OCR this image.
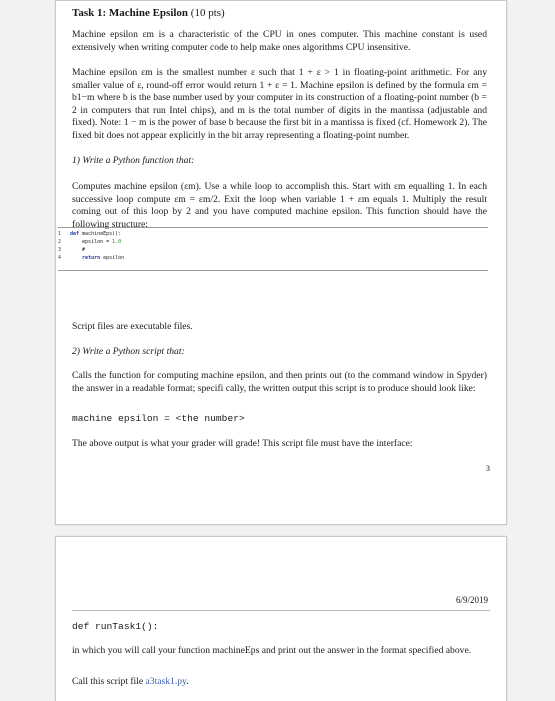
Task 1: Machine Epsilon (10 pts)
Machine epsilon εm is a characteristic of the CPU in ones computer. This machine constant is used extensively when writing computer code to help make ones algorithms CPU insensitive.
Machine epsilon εm is the smallest number ε such that 1 + ε > 1 in floating-point arithmetic. For any smaller value of ε, round-off error would return 1 + ε = 1. Machine epsilon is defined by the formula εm = b1−m where b is the base number used by your computer in its construction of a floating-point number (b = 2 in computers that run Intel chips), and m is the total number of digits in the mantissa (adjustable and fixed). Note: 1 − m is the power of base b because the first bit in a mantissa is fixed (cf. Homework 2). The fixed bit does not appear explicitly in the bit array representing a floating-point number.
1) Write a Python function that:
Computes machine epsilon (εm). Use a while loop to accomplish this. Start with εm equalling 1. In each successive loop compute εm = εm/2. Exit the loop when variable 1 + εm equals 1. Multiply the result coming out of this loop by 2 and you have computed machine epsilon. This function should have the following structure:
1 def machineEps():
2    epsilon = 1.0
3    #
4	return epsilon
Script files are executable files.
2) Write a Python script that:
Calls the function for computing machine epsilon, and then prints out (to the command window in Spyder) the answer in a readable format; specifi cally, the written output this script is to produce should look like:
machine epsilon = <the number>
The above output is what your grader will grade! This script file must have the interface:
3
6/9/2019
def runTask1():
in which you will call your function machineEps and print out the answer in the format specified above.
Call this script file a3task1.py.
